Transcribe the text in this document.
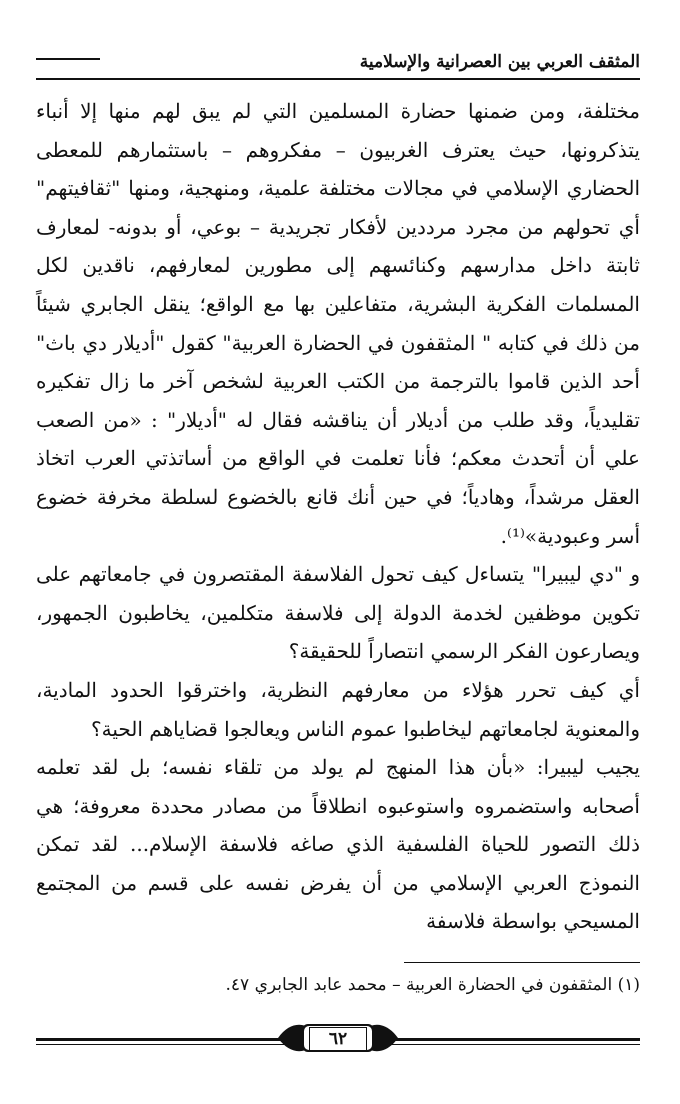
المثقف العربي بين العصرانية والإسلامية

مختلفة، ومن ضمنها حضارة المسلمين التي لم يبق لهم منها إلا أنباء يتذكرونها، حيث يعترف الغربيون – مفكروهم – باستثمارهم للمعطى الحضاري الإسلامي في مجالات مختلفة علمية، ومنهجية، ومنها "ثقافيتهم" أي تحولهم من مجرد مرددين لأفكار تجريدية – بوعي، أو بدونه- لمعارف ثابتة داخل مدارسهم وكنائسهم إلى مطورين لمعارفهم، ناقدين لكل المسلمات الفكرية البشرية، متفاعلين بها مع الواقع؛ ينقل الجابري شيئاً من ذلك في كتابه " المثقفون في الحضارة العربية" كقول "أديلار دي باث" أحد الذين قاموا بالترجمة من الكتب العربية لشخص آخر ما زال تفكيره تقليدياً، وقد طلب من أديلار أن يناقشه فقال له "أديلار" : «من الصعب علي أن أتحدث معكم؛ فأنا تعلمت في الواقع من أساتذتي العرب اتخاذ العقل مرشداً، وهادياً؛ في حين أنك قانع بالخضوع لسلطة مخرفة خضوع أسر وعبودية»⁽¹⁾.

و "دي ليبيرا" يتساءل كيف تحول الفلاسفة المقتصرون في جامعاتهم على تكوين موظفين لخدمة الدولة إلى فلاسفة متكلمين، يخاطبون الجمهور، ويصارعون الفكر الرسمي انتصاراً للحقيقة؟

أي كيف تحرر هؤلاء من معارفهم النظرية، واخترقوا الحدود المادية، والمعنوية لجامعاتهم ليخاطبوا عموم الناس ويعالجوا قضاياهم الحية؟

يجيب ليبيرا: «بأن هذا المنهج لم يولد من تلقاء نفسه؛ بل لقد تعلمه أصحابه واستضمروه واستوعبوه انطلاقاً من مصادر محددة معروفة؛ هي ذلك التصور للحياة الفلسفية الذي صاغه فلاسفة الإسلام... لقد تمكن النموذج العربي الإسلامي من أن يفرض نفسه على قسم من المجتمع المسيحي بواسطة فلاسفة

(١) المثقفون في الحضارة العربية – محمد عابد الجابري ٤٧.
٦٢
